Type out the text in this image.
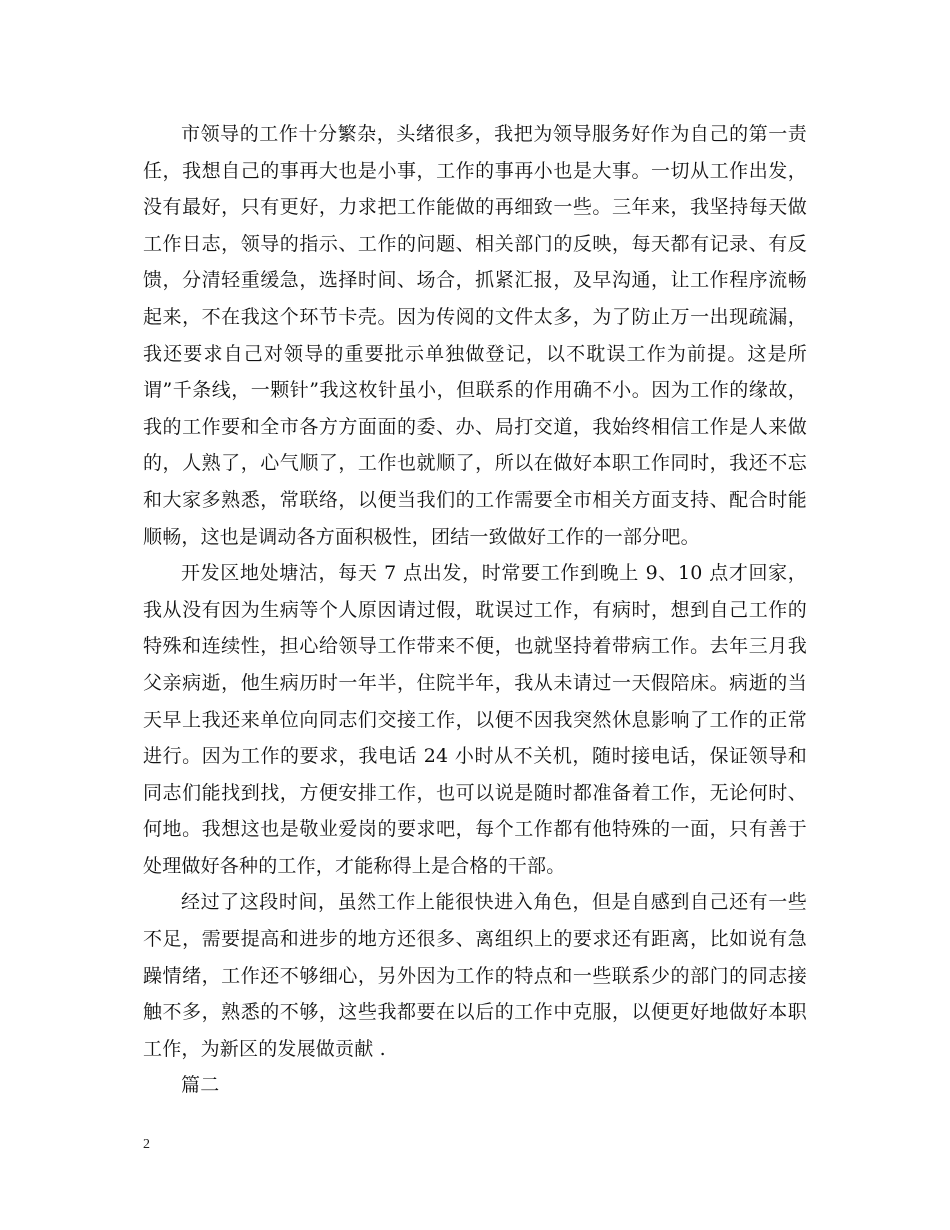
市领导的工作十分繁杂，头绪很多，我把为领导服务好作为自己的第一责任，我想自己的事再大也是小事，工作的事再小也是大事。一切从工作出发，没有最好，只有更好，力求把工作能做的再细致一些。三年来，我坚持每天做工作日志，领导的指示、工作的问题、相关部门的反映，每天都有记录、有反馈，分清轻重缓急，选择时间、场合，抓紧汇报，及早沟通，让工作程序流畅起来，不在我这个环节卡壳。因为传阅的文件太多，为了防止万一出现疏漏，我还要求自己对领导的重要批示单独做登记，以不耽误工作为前提。这是所谓”千条线，一颗针”我这枚针虽小，但联系的作用确不小。因为工作的缘故，我的工作要和全市各方方面面的委、办、局打交道，我始终相信工作是人来做的，人熟了，心气顺了，工作也就顺了，所以在做好本职工作同时，我还不忘和大家多熟悉，常联络，以便当我们的工作需要全市相关方面支持、配合时能顺畅，这也是调动各方面积极性，团结一致做好工作的一部分吧。

开发区地处塘沽，每天 7 点出发，时常要工作到晚上 9、10 点才回家，我从没有因为生病等个人原因请过假，耽误过工作，有病时，想到自己工作的特殊和连续性，担心给领导工作带来不便，也就坚持着带病工作。去年三月我父亲病逝，他生病历时一年半，住院半年，我从未请过一天假陪床。病逝的当天早上我还来单位向同志们交接工作，以便不因我突然休息影响了工作的正常进行。因为工作的要求，我电话 24 小时从不关机，随时接电话，保证领导和同志们能找到找，方便安排工作，也可以说是随时都准备着工作，无论何时、何地。我想这也是敬业爱岗的要求吧，每个工作都有他特殊的一面，只有善于处理做好各种的工作，才能称得上是合格的干部。

经过了这段时间，虽然工作上能很快进入角色，但是自感到自己还有一些不足，需要提高和进步的地方还很多、离组织上的要求还有距离，比如说有急躁情绪，工作还不够细心，另外因为工作的特点和一些联系少的部门的同志接触不多，熟悉的不够，这些我都要在以后的工作中克服，以便更好地做好本职工作，为新区的发展做贡献 .

篇二

2
